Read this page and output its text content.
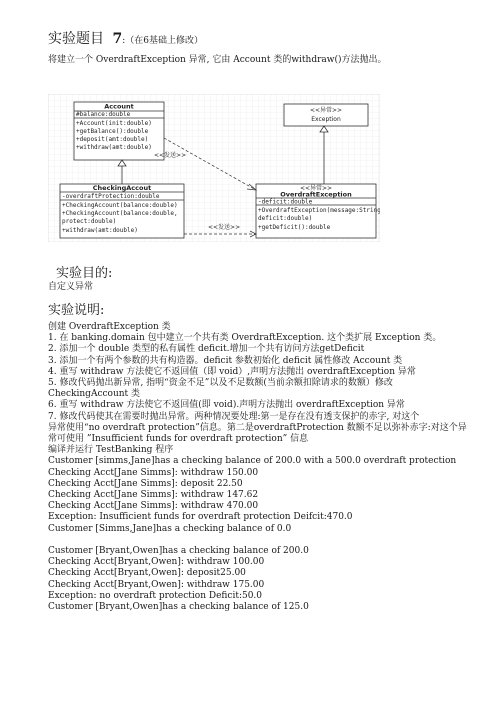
实验题目 7:（在6基础上修改）
将建立一个 OverdraftException 异常, 它由 Account 类的withdraw()方法抛出。
Account
#balance:double
+Account(init:double)
+getBalance():double
+deposit(amt:double)
+withdraw(amt:double)
<<异常>>
Exception
CheckingAccout
-overdraftProtection:double
+CheckingAccount(balance:double)
+CheckingAccount(balance:double,
protect:double)
+withdraw(amt:double)
<<异常>>
OverdraftException
-deficit:double
+OverdraftException(message:String,
deficit:double)
+getDeficit():double
<<发送>>
<<发送>>
实验目的:
自定义异常
实验说明:
创建 OverdraftException 类
1. 在 banking.domain 包中建立一个共有类 OverdraftException. 这个类扩展 Exception 类。
2. 添加一个 double 类型的私有属性 deficit.增加一个共有访问方法getDeficit
3. 添加一个有两个参数的共有构造器。deficit 参数初始化 deficit 属性修改 Account 类
4. 重写 withdraw 方法使它不返回值（即 void）,声明方法抛出 overdraftException 异常
5. 修改代码抛出新异常, 指明“资金不足”以及不足数额(当前余额扣除请求的数额）修改
CheckingAccount 类
6. 重写 withdraw 方法使它不返回值(即 void).声明方法抛出 overdraftException 异常
7. 修改代码使其在需要时抛出异常。两种情况要处理:第一是存在没有透支保护的赤字, 对这个
异常使用“no overdraft protection”信息。第二是overdraftProtection 数额不足以弥补赤字:对这个异
常可使用 ”Insufficient funds for overdraft protection” 信息
编译并运行 TestBanking 程序
Customer [simms,Jane]has a checking balance of 200.0 with a 500.0 overdraft protection
Checking Acct[Jane Simms]: withdraw 150.00
Checking Acct[Jane Simms]: deposit 22.50
Checking Acct[Jane Simms]: withdraw 147.62
Checking Acct[Jane Simms]: withdraw 470.00
Exception: Insufficient funds for overdraft protection Deifcit:470.0
Customer [Simms,Jane]has a checking balance of 0.0
Customer [Bryant,Owen]has a checking balance of 200.0
Checking Acct[Bryant,Owen]: withdraw 100.00
Checking Acct[Bryant,Owen]: deposit25.00
Checking Acct[Bryant,Owen]: withdraw 175.00
Exception: no overdraft protection Deficit:50.0
Customer [Bryant,Owen]has a checking balance of 125.0
